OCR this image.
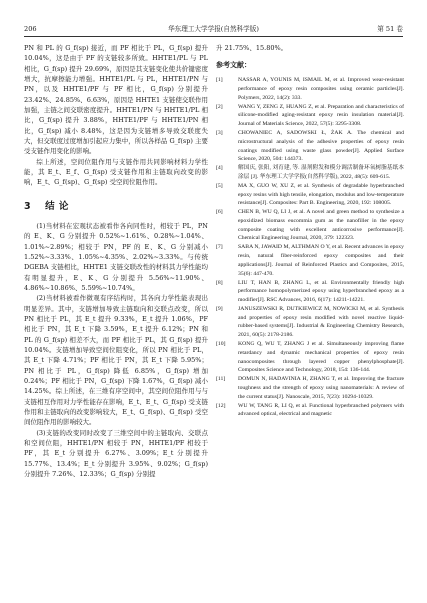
206	华东理工大学学报(自然科学版)	第 51 卷

PN 和 PL 的 G_f(sp) 接近，而 PF 相比于 PL，G_f(sp) 提升 10.04%，这是由于 PF 的支链较多所致。HHTE1/PL 与 PL 相比，G_f(sp) 提升 29.69%，原因是其支链变化使共价键密度增大，抗摩擦能力增强。HHTE1/PL 与 PL，HHTE1/PN 与 PN，以及 HHTE1/PF 与 PF 相比，G_f(sp) 分别提升 23.42%、24.85%、6.63%，原因是 HHTE1 支链使交联作用加强，主链之间交联密度提升。HHTE1/PN 与 HHTE1/PL 相比，G_f(sp) 提升 3.88%，HHTE1/PF 与 HHTE1/PN 相比，G_f(sp) 减小 8.48%，这是因为支链增多导致交联度失大，但交联度过度增加引起应力集中，所以各样品 G_f(sp) 主要受支链作用变化的影响。

综上所述，空间位阻作用与支链作用共同影响材料力学性能，其 E_t、E_f、G_f(sp) 受支链作用和主链取向改变的影响，E_t、G_f(sp)、G_f(sp) 受空间位阻作用。

3 结 论

(1)当材料在宏观状态被看作各向同性时，相较于 PL，PN 的 E、K、G 分别提升 0.52%~1.61%、0.28%~1.04%、1.01%~2.89%；相较于 PN，PF 的 E、K、G 分别减小 1.52%~3.33%、1.05%~4.35%、2.02%~3.33%。与传统 DGEBA 支链相比，HHTE1 支链交联改性的材料其力学性能均有明显提升，E、K、G 分别提升 5.56%~11.90%、4.86%~10.86%、5.59%~10.74%。

(2)当材料被看作微观有序结构时，其各向力学性能表现出明显差异。其中，支链增加导致主链取向和交联点改变，所以 PN 相比于 PL，其 E_t 提升 9.33%，E_t 提升 1.06%，PF 相比于 PN，其 E_t 下降 3.59%，E_t 提升 6.12%；PN 和 PL 的 G_f(sp) 相差不大，而 PF 相比于 PL，其 G_f(sp) 提升 10.04%。支链增加导致空间位阻变化，所以 PN 相比于 PL，其 E_t 下降 4.71%；PF 相比于 PN，其 E_t 下降 5.95%；PN 相比于 PL，G_f(sp) 降低 6.85%，G_f(sp) 增加 0.24%；PF 相比于 PN，G_f(sp) 下降 1.67%，G_f(sp) 减小 14.25%。综上所述，在三维有序空间中，其空间位阻作用与与支链相互作用对力学性能存在影响，E_t、E_t、G_f(sp) 受支链作用和主链取向的改变影响较大，E_t、G_f(sp)、G_f(sp) 受空间位阻作用的影响较大。

(3)支链的改变同时改变了三维空间中的主链取向、交联点和空间位阻，HHTE1/PN 相较于 PN，HHTE1/PF 相较于 PF，其 E_t 分别提升 6.27%、3.09%；E_t 分别提升 15.77%、13.4%；E_t 分别提升 3.95%、9.02%；G_f(sp) 分别提升 7.26%、12.33%；G_f(sp) 分别提

升 21.75%、15.80%。

参考文献：
[1]	NASSAR A, YOUNIS M, ISMAIL M, et al. Improved wear-resistant performance of epoxy resin composites using ceramic particles[J]. Polymers, 2022, 14(2): 333.
[2]	WANG Y, ZENG Z, HUANG Z, et al. Preparation and characteristics of silicone-modified aging-resistant epoxy resin insulation material[J]. Journal of Materials Science, 2022, 57(5): 3295-3308.
[3]	CHOWANIEC A, SADOWSKI Ł, ŻAK A. The chemical and microstructural analysis of the adhesive properties of epoxy resin coatings modified using waste glass powder[J]. Applied Surface Science, 2020, 504: 144373.
[4]	解国庆, 张阳, 刘育建, 等. 湿剂附发和模分调活制备环氧树脂基纸本涂层 [J]. 华东理工大学学报(自然科学版), 2022, 48(5): 609-615.
[5]	MA X, GUO W, XU Z, et al. Synthesis of degradable hyperbranched epoxy resins with high tensile, elongation, modulus and low-temperature resistance[J]. Composites: Part B. Engineering, 2020, 192: 108005.
[6]	CHEN B, WU Q, LI J, et al. A novel and green method to synthesize a epoxidized biomass eucommia gum as the nanofiller in the epoxy composite coating with excellent anticorrosive performance[J]. Chemical Engineering Journal, 2020, 379: 122323.
[7]	SABA N, JAWAID M, ALTHMAN O Y, et al. Recent advances in epoxy resin, natural fiber-reinforced epoxy composites and their applications[J]. Journal of Reinforced Plastics and Composites, 2015, 35(6): 447-470.
[8]	LIU T, HAN B, ZHANG L, et al. Environmentally friendly high performance homopolymerized epoxy using hyperbranched epoxy as a modifier[J]. RSC Advances, 2016, 6(17): 14211-14221.
[9]	JANUSZEWSKI R, DUTKIEWICZ M, NOWICKI M, et al. Synthesis and properties of epoxy resin modified with novel reactive liquid-rubber-based systems[J]. Industrial & Engineering Chemistry Research, 2021, 60(5): 2178-2186.
[10]	KONG Q, WU T, ZHANG J et al. Simultaneously improving flame retardancy and dynamic mechanical properties of epoxy resin nanocomposites through layered copper phenylphosphate[J]. Composites Science and Technology, 2018, 154: 136-144.
[11]	DOMUN N, HADAVINIA H, ZHANG T, et al. Improving the fracture toughness and the strength of epoxy using nanomaterials: A review of the current status[J]. Nanoscale, 2015, 7(23): 10294-10329.
[12]	WU W, TANG R, LI Q, et al. Functional hyperbranched polymers with advanced optical, electrical and magnetic
